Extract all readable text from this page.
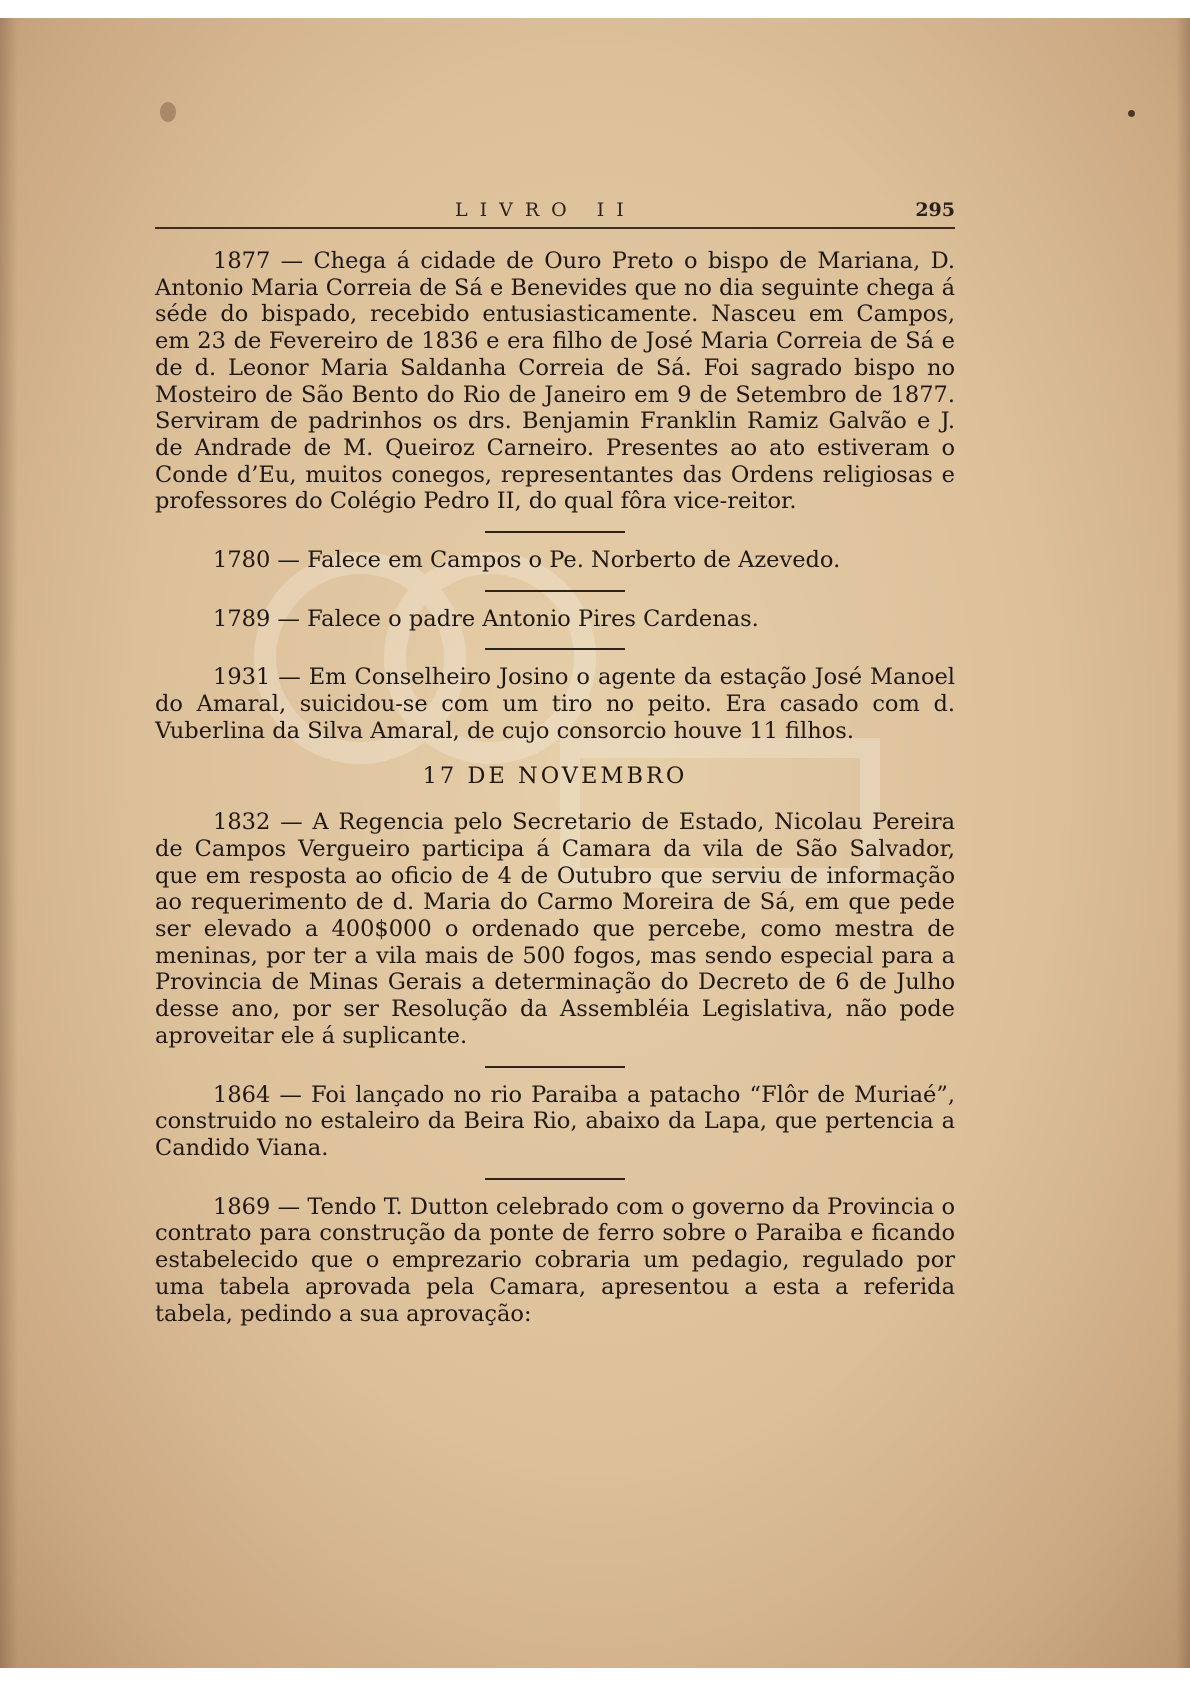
LIVRO II	295

1877 — Chega á cidade de Ouro Preto o bispo de Mariana, D. Antonio Maria Correia de Sá e Benevides que no dia seguinte chega á séde do bispado, recebido entusiasticamente. Nasceu em Campos, em 23 de Fevereiro de 1836 e era filho de José Maria Correia de Sá e de d. Leonor Maria Saldanha Correia de Sá. Foi sagrado bispo no Mosteiro de São Bento do Rio de Janeiro em 9 de Setembro de 1877. Serviram de padrinhos os drs. Benjamin Franklin Ramiz Galvão e J. de Andrade de M. Queiroz Carneiro. Presentes ao ato estiveram o Conde d’Eu, muitos conegos, representantes das Ordens religiosas e professores do Colégio Pedro II, do qual fôra vice-reitor.

1780 — Falece em Campos o Pe. Norberto de Azevedo.

1789 — Falece o padre Antonio Pires Cardenas.

1931 — Em Conselheiro Josino o agente da estação José Manoel do Amaral, suicidou-se com um tiro no peito. Era casado com d. Vuberlina da Silva Amaral, de cujo consorcio houve 11 filhos.

17 DE NOVEMBRO

1832 — A Regencia pelo Secretario de Estado, Nicolau Pereira de Campos Vergueiro participa á Camara da vila de São Salvador, que em resposta ao oficio de 4 de Outubro que serviu de informação ao requerimento de d. Maria do Carmo Moreira de Sá, em que pede ser elevado a 400$000 o ordenado que percebe, como mestra de meninas, por ter a vila mais de 500 fogos, mas sendo especial para a Provincia de Minas Gerais a determinação do Decreto de 6 de Julho desse ano, por ser Resolução da Assembléia Legislativa, não pode aproveitar ele á suplicante.

1864 — Foi lançado no rio Paraiba a patacho “Flôr de Muriaé”, construido no estaleiro da Beira Rio, abaixo da Lapa, que pertencia a Candido Viana.

1869 — Tendo T. Dutton celebrado com o governo da Provincia o contrato para construção da ponte de ferro sobre o Paraiba e ficando estabelecido que o emprezario cobraria um pedagio, regulado por uma tabela aprovada pela Camara, apresentou a esta a referida tabela, pedindo a sua aprovação:
